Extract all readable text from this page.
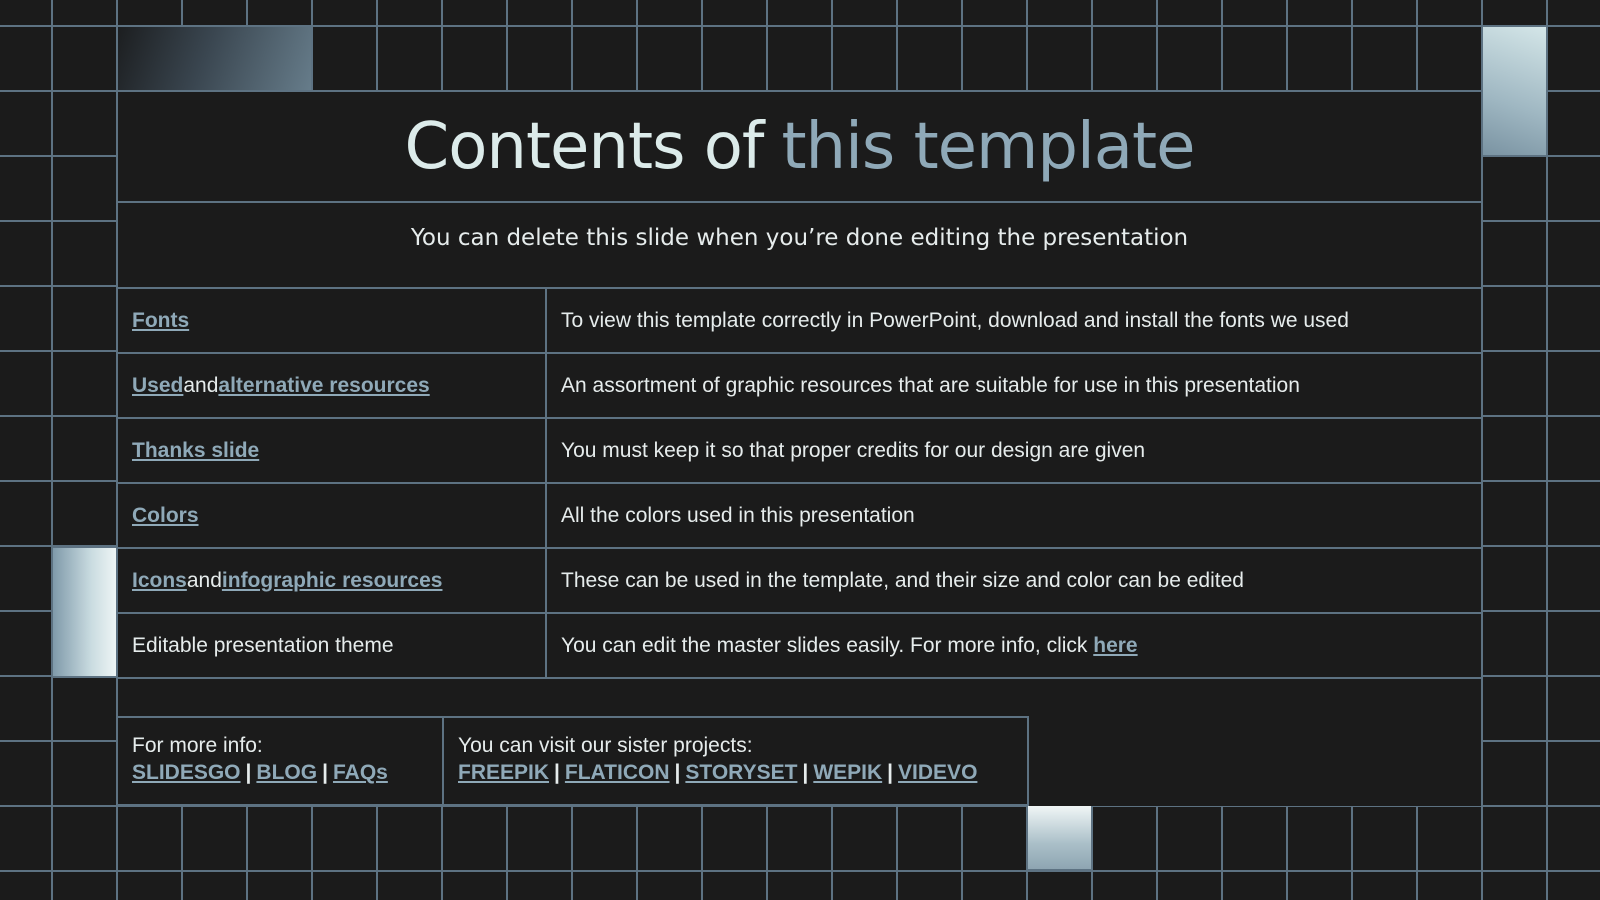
Contents of this template
You can delete this slide when you’re done editing the presentation
Fonts	To view this template correctly in PowerPoint, download and install the fonts we used
Used and alternative resources	An assortment of graphic resources that are suitable for use in this presentation
Thanks slide	You must keep it so that proper credits for our design are given
Colors	All the colors used in this presentation
Icons and infographic resources	These can be used in the template, and their size and color can be edited
Editable presentation theme	You can edit the master slides easily. For more info, click
here
For more info:
SLIDESGO | BLOG | FAQs
You can visit our sister projects:
FREEPIK | FLATICON | STORYSET | WEPIK | VIDEVO
